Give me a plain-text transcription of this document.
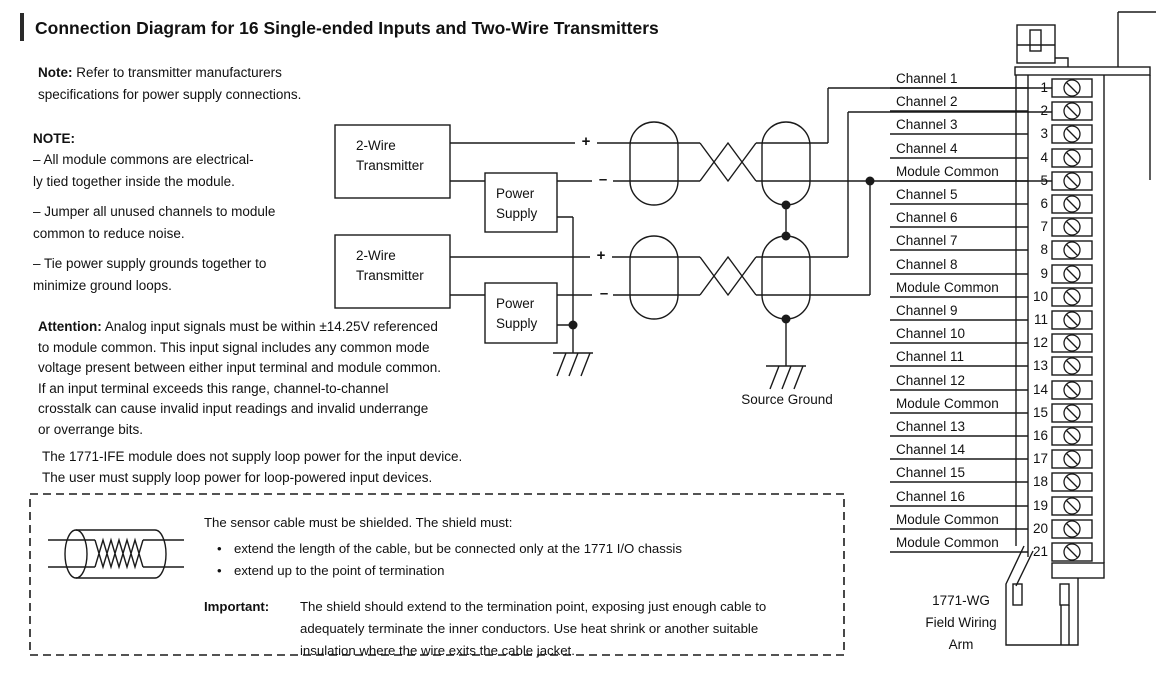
Connection Diagram for 16 Single-ended Inputs and Two-Wire Transmitters
Note: Refer to transmitter manufacturers
specifications for power supply connections.
NOTE:
– All module commons are electrical-
ly tied together inside the module.
– Jumper all unused channels to module
common to reduce noise.
– Tie power supply grounds together to
minimize ground loops.
Attention: Analog input signals must be within ±14.25V referenced
to module common. This input signal includes any common mode
voltage present between either input terminal and module common.
If an input terminal exceeds this range, channel-to-channel
crosstalk can cause invalid input readings and invalid underrange
or overrange bits.
The 1771-IFE module does not supply loop power for the input device.
The user must supply loop power for loop-powered input devices.
2-Wire
Transmitter
Power
Supply
2-Wire
Transmitter
Power
Supply
+
–
+
–
Source Ground
Channel 1
Channel 2
Channel 3
Channel 4
Module Common
Channel 5
Channel 6
Channel 7
Channel 8
Module Common
Channel 9
Channel 10
Channel 11
Channel 12
Module Common
Channel 13
Channel 14
Channel 15
Channel 16
Module Common
Module Common
1
2
3
4
5
6
7
8
9
10
11
12
13
14
15
16
17
18
19
20
21
1771-WG
Field Wiring
Arm
The sensor cable must be shielded. The shield must:
• extend the length of the cable, but be connected only at the 1771 I/O chassis
• extend up to the point of termination
Important: The shield should extend to the termination point, exposing just enough cable to
adequately terminate the inner conductors. Use heat shrink or another suitable
insulation where the wire exits the cable jacket.
